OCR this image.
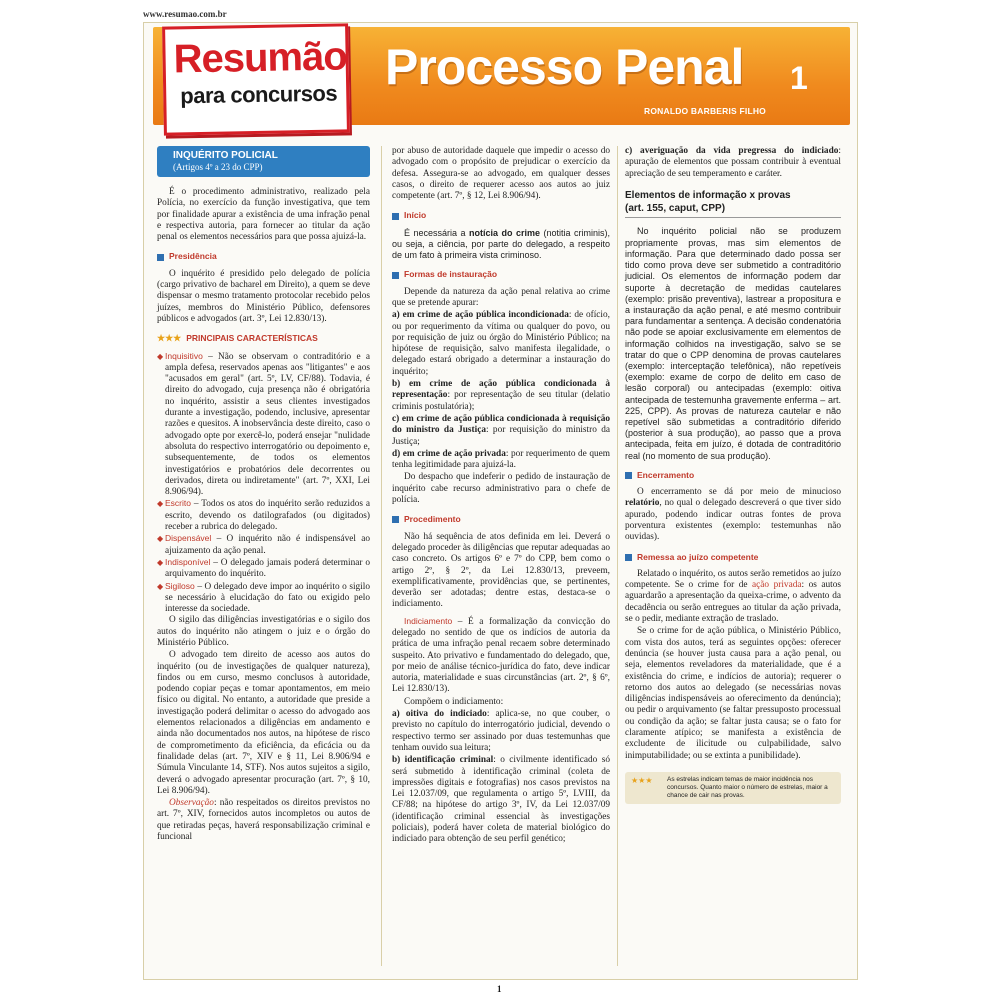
www.resumao.com.br
Resumão
para concursos Processo Penal 1
RONALDO BARBERIS FILHO
INQUÉRITO POLICIAL
(Artigos 4º a 23 do CPP)

É o procedimento administrativo, realizado pela Polícia, no exercício da função investigativa, que tem por finalidade apurar a existência de uma infração penal e respectiva autoria, para fornecer ao titular da ação penal os elementos necessários para que possa ajuizá-la.

Presidência

O inquérito é presidido pelo delegado de polícia (cargo privativo de bacharel em Direito), a quem se deve dispensar o mesmo tratamento protocolar recebido pelos juízes, membros do Ministério Público, defensores públicos e advogados (art. 3º, Lei 12.830/13).

★★★ PRINCIPAIS CARACTERÍSTICAS
◆ Inquisitivo – Não se observam o contraditório e a ampla defesa, reservados apenas aos "litigantes" e aos "acusados em geral" (art. 5º, LV, CF/88). Todavia, é direito do advogado, cuja presença não é obrigatória no inquérito, assistir a seus clientes investigados durante a investigação, podendo, inclusive, apresentar razões e quesitos. A inobservância deste direito, caso o advogado opte por exercê-lo, poderá ensejar "nulidade absoluta do respectivo interrogatório ou depoimento e, subsequentemente, de todos os elementos investigatórios e probatórios dele decorrentes ou derivados, direta ou indiretamente" (art. 7º, XXI, Lei 8.906/94).
◆ Escrito – Todos os atos do inquérito serão reduzidos a escrito, devendo os datilografados (ou digitados) receber a rubrica do delegado.
◆ Dispensável – O inquérito não é indispensável ao ajuizamento da ação penal.
◆ Indisponível – O delegado jamais poderá determinar o arquivamento do inquérito.
◆ Sigiloso – O delegado deve impor ao inquérito o sigilo se necessário à elucidação do fato ou exigido pelo interesse da sociedade.

O sigilo das diligências investigatórias e o sigilo dos autos do inquérito não atingem o juiz e o órgão do Ministério Público.

O advogado tem direito de acesso aos autos do inquérito (ou de investigações de qualquer natureza), findos ou em curso, mesmo conclusos à autoridade, podendo copiar peças e tomar apontamentos, em meio físico ou digital. No entanto, a autoridade que preside a investigação poderá delimitar o acesso do advogado aos elementos relacionados a diligências em andamento e ainda não documentados nos autos, na hipótese de risco de comprometimento da eficiência, da eficácia ou da finalidade delas (art. 7º, XIV e § 11, Lei 8.906/94 e Súmula Vinculante 14, STF). Nos autos sujeitos a sigilo, deverá o advogado apresentar procuração (art. 7º, § 10, Lei 8.906/94).

Observação: não respeitados os direitos previstos no art. 7º, XIV, fornecidos autos incompletos ou autos de que retiradas peças, haverá responsabilização criminal e funcional

por abuso de autoridade daquele que impedir o acesso do advogado com o propósito de prejudicar o exercício da defesa. Assegura-se ao advogado, em qualquer desses casos, o direito de requerer acesso aos autos ao juiz competente (art. 7º, § 12, Lei 8.906/94).

Início

É necessária a notícia do crime (notitia criminis), ou seja, a ciência, por parte do delegado, a respeito de um fato à primeira vista criminoso.

Formas de instauração

Depende da natureza da ação penal relativa ao crime que se pretende apurar:

a) em crime de ação pública incondicionada: de ofício, ou por requerimento da vítima ou qualquer do povo, ou por requisição de juiz ou órgão do Ministério Público; na hipótese de requisição, salvo manifesta ilegalidade, o delegado estará obrigado a determinar a instauração do inquérito;

b) em crime de ação pública condicionada à representação: por representação de seu titular (delatio criminis postulatória);

c) em crime de ação pública condicionada à requisição do ministro da Justiça: por requisição do ministro da Justiça;

d) em crime de ação privada: por requerimento de quem tenha legitimidade para ajuizá-la.

Do despacho que indeferir o pedido de instauração de inquérito cabe recurso administrativo para o chefe de polícia.

Procedimento

Não há sequência de atos definida em lei. Deverá o delegado proceder às diligências que reputar adequadas ao caso concreto. Os artigos 6º e 7º do CPP, bem como o artigo 2º, § 2º, da Lei 12.830/13, preveem, exemplificativamente, providências que, se pertinentes, deverão ser adotadas; dentre estas, destaca-se o indiciamento.

Indiciamento – É a formalização da convicção do delegado no sentido de que os indícios de autoria da prática de uma infração penal recaem sobre determinado suspeito. Ato privativo e fundamentado do delegado, que, por meio de análise técnico-jurídica do fato, deve indicar autoria, materialidade e suas circunstâncias (art. 2º, § 6º, Lei 12.830/13).

Compõem o indiciamento:

a) oitiva do indiciado: aplica-se, no que couber, o previsto no capítulo do interrogatório judicial, devendo o respectivo termo ser assinado por duas testemunhas que tenham ouvido sua leitura;

b) identificação criminal: o civilmente identificado só será submetido à identificação criminal (coleta de impressões digitais e fotografias) nos casos previstos na Lei 12.037/09, que regulamenta o artigo 5º, LVIII, da CF/88; na hipótese do artigo 3º, IV, da Lei 12.037/09 (identificação criminal essencial às investigações policiais), poderá haver coleta de material biológico do indiciado para obtenção de seu perfil genético;

c) averiguação da vida pregressa do indiciado: apuração de elementos que possam contribuir à eventual apreciação de seu temperamento e caráter.

Elementos de informação x provas
(art. 155, caput, CPP)

No inquérito policial não se produzem propriamente provas, mas sim elementos de informação. Para que determinado dado possa ser tido como prova deve ser submetido a contraditório judicial. Os elementos de informação podem dar suporte à decretação de medidas cautelares (exemplo: prisão preventiva), lastrear a propositura e a instauração da ação penal, e até mesmo contribuir para fundamentar a sentença. A decisão condenatória não pode se apoiar exclusivamente em elementos de informação colhidos na investigação, salvo se se tratar do que o CPP denomina de provas cautelares (exemplo: interceptação telefônica), não repetíveis (exemplo: exame de corpo de delito em caso de lesão corporal) ou antecipadas (exemplo: oitiva antecipada de testemunha gravemente enferma – art. 225, CPP). As provas de natureza cautelar e não repetível são submetidas a contraditório diferido (posterior à sua produção), ao passo que a prova antecipada, feita em juízo, é dotada de contraditório real (no momento de sua produção).

Encerramento

O encerramento se dá por meio de minucioso relatório, no qual o delegado descreverá o que tiver sido apurado, podendo indicar outras fontes de prova porventura existentes (exemplo: testemunhas não ouvidas).

Remessa ao juízo competente

Relatado o inquérito, os autos serão remetidos ao juízo competente. Se o crime for de ação privada: os autos aguardarão a apresentação da queixa-crime, o advento da decadência ou serão entregues ao titular da ação privada, se o pedir, mediante extração de traslado.

Se o crime for de ação pública, o Ministério Público, com vista dos autos, terá as seguintes opções: oferecer denúncia (se houver justa causa para a ação penal, ou seja, elementos reveladores da materialidade, que é a existência do crime, e indícios de autoria); requerer o retorno dos autos ao delegado (se necessárias novas diligências indispensáveis ao oferecimento da denúncia); ou pedir o arquivamento (se faltar pressuposto processual ou condição da ação; se faltar justa causa; se o fato for claramente atípico; se manifesta a existência de excludente de ilicitude ou culpabilidade, salvo inimputabilidade; ou se extinta a punibilidade).

★★★	As estrelas indicam temas de maior incidência nos concursos. Quanto maior o número de estrelas, maior a chance de cair nas provas.
1
